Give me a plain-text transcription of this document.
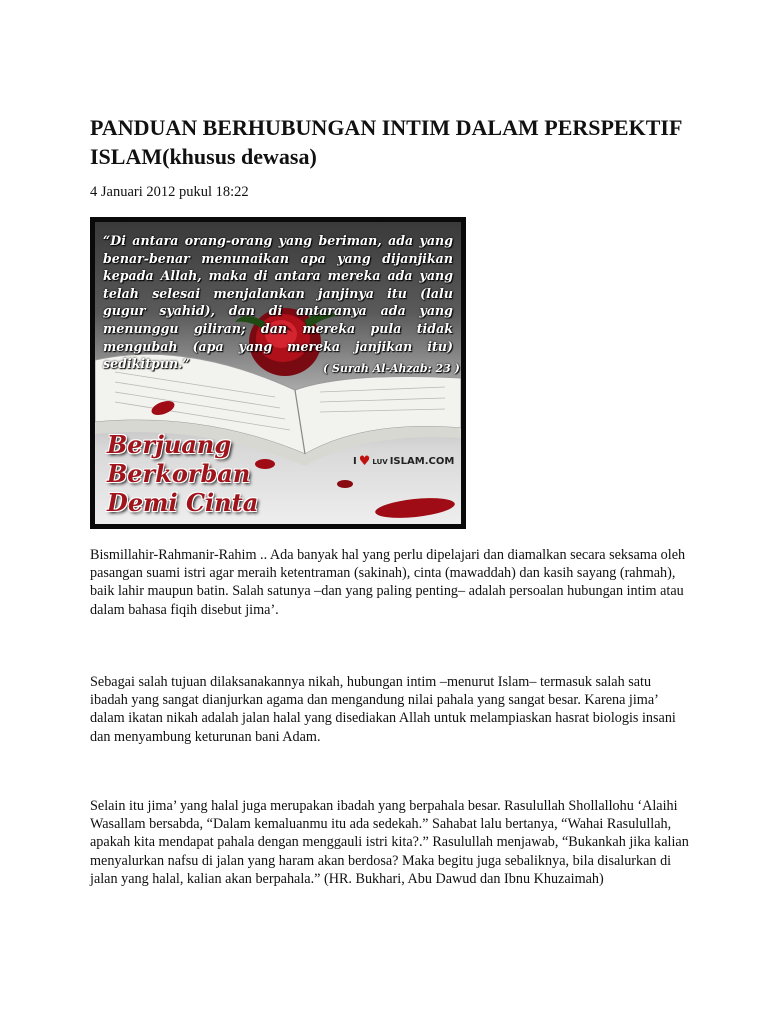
PANDUAN BERHUBUNGAN INTIM DALAM PERSPEKTIF ISLAM(khusus dewasa)
4 Januari 2012 pukul 18:22
“Di antara orang-orang yang beriman, ada yang benar-benar menunaikan apa yang dijanjikan kepada Allah, maka di antara mereka ada yang telah selesai menjalankan janjinya itu (lalu gugur syahid), dan di antaranya ada yang menunggu giliran; dan mereka pula tidak mengubah (apa yang mereka janjikan itu) sedikitpun.”	( Surah Al-Ahzab: 23 )
Berjuang
Berkorban
Demi Cinta
I ♥ LUV ISLAM.COM

Bismillahir-Rahmanir-Rahim .. Ada banyak hal yang perlu dipelajari dan diamalkan secara seksama oleh pasangan suami istri agar meraih ketentraman (sakinah), cinta (mawaddah) dan kasih sayang (rahmah), baik lahir maupun batin. Salah satunya –dan yang paling penting– adalah persoalan hubungan intim atau dalam bahasa fiqih disebut jima’.

Sebagai salah tujuan dilaksanakannya nikah, hubungan intim –menurut Islam– termasuk salah satu ibadah yang sangat dianjurkan agama dan mengandung nilai pahala yang sangat besar. Karena jima’ dalam ikatan nikah adalah jalan halal yang disediakan Allah untuk melampiaskan hasrat biologis insani dan menyambung keturunan bani Adam.

Selain itu jima’ yang halal juga merupakan ibadah yang berpahala besar. Rasulullah Shollallohu ‘Alaihi Wasallam bersabda, “Dalam kemaluanmu itu ada sedekah.” Sahabat lalu bertanya, “Wahai Rasulullah, apakah kita mendapat pahala dengan menggauli istri kita?.” Rasulullah menjawab, “Bukankah jika kalian menyalurkan nafsu di jalan yang haram akan berdosa? Maka begitu juga sebaliknya, bila disalurkan di jalan yang halal, kalian akan berpahala.” (HR. Bukhari, Abu Dawud dan Ibnu Khuzaimah)
